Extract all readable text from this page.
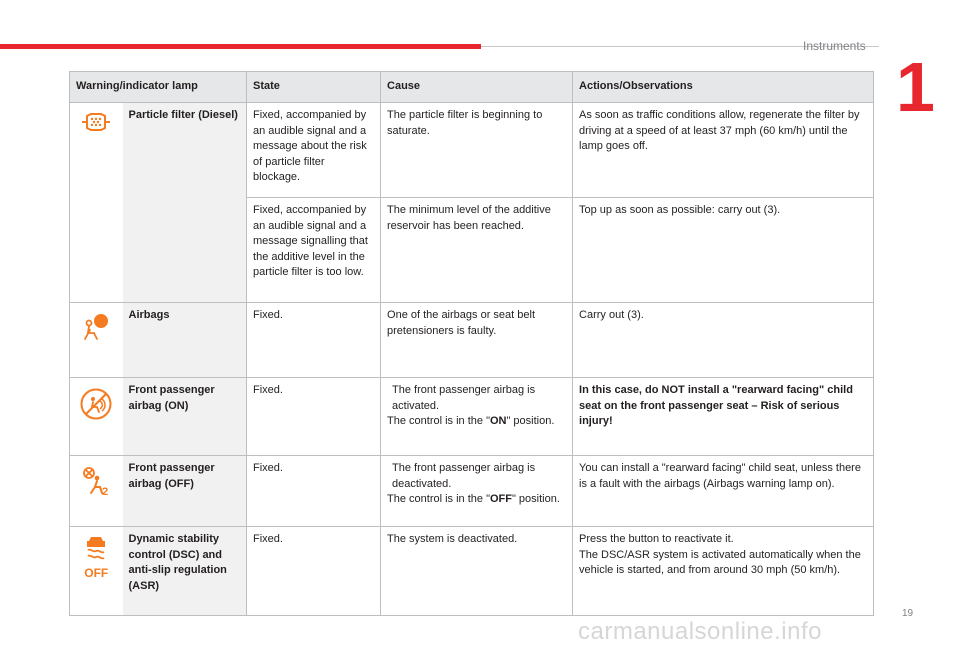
Instruments
1
Warning/indicator lamp		State	Cause	Actions/Observations
	Particle filter (Diesel)	Fixed, accompanied by an audible signal and a message about the risk of particle filter blockage.	The particle filter is beginning to saturate.	As soon as traffic conditions allow, regenerate the filter by driving at a speed of at least 37 mph (60 km/h) until the lamp goes off.
		Fixed, accompanied by an audible signal and a message signalling that the additive level in the particle filter is too low.	The minimum level of the additive reservoir has been reached.	Top up as soon as possible: carry out (3).
	Airbags	Fixed.	One of the airbags or seat belt pretensioners is faulty.	Carry out (3).
	Front passenger airbag (ON)	Fixed.	The front passenger airbag is activated.
The control is in the "ON" position.	In this case, do NOT install a "rearward facing" child seat on the front passenger seat – Risk of serious injury!

2	Front passenger airbag (OFF)	Fixed.	The front passenger airbag is deactivated.
The control is in the "OFF" position.	You can install a "rearward facing" child seat, unless there is a fault with the airbags (Airbags warning lamp on).

OFF	Dynamic stability control (DSC) and anti-slip regulation (ASR)	Fixed.	The system is deactivated.	Press the button to reactivate it.
The DSC/ASR system is activated automatically when the vehicle is started, and from around 30 mph (50 km/h).
19
carmanualsonline.info
